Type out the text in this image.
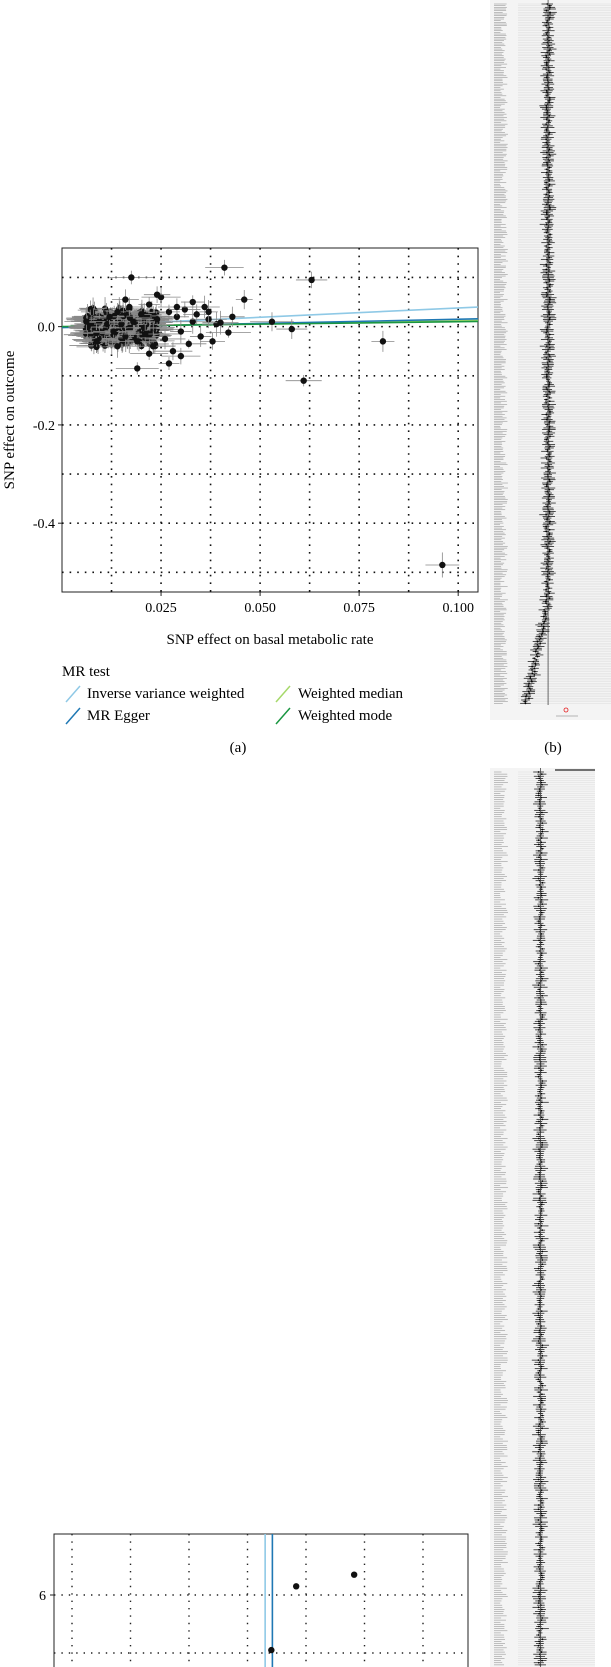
0.025	0.050	0.075	0.100
0.0
-0.2
-0.4
SNP effect on basal metabolic rate
SNP effect on outcome
MR test
Inverse variance weighted	Weighted median
MR Egger	Weighted mode
(a)	(b)
6
